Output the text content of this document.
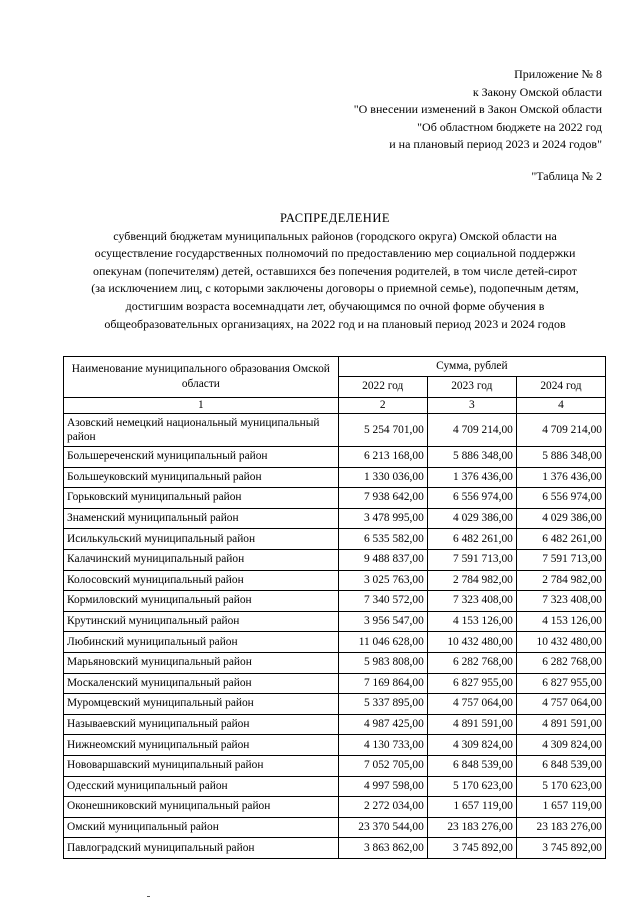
Приложение № 8
к Закону Омской области
"О внесении изменений в Закон Омской области
"Об областном бюджете на 2022 год
и на плановый период 2023 и 2024 годов"
"Таблица № 2
РАСПРЕДЕЛЕНИЕ
субвенций бюджетам муниципальных районов (городского округа) Омской области на
осуществление государственных полномочий по предоставлению мер социальной поддержки
опекунам (попечителям) детей, оставшихся без попечения родителей, в том числе детей-сирот
(за исключением лиц, с которыми заключены договоры о приемной семье), подопечным детям,
достигшим возраста восемнадцати лет, обучающимся по очной форме обучения в
общеобразовательных организациях, на 2022 год и на плановый период 2023 и 2024 годов
Наименование муниципального образования Омской области	Сумма, рублей		
	2022 год	2023 год	2024 год
1	2	3	4
Азовский немецкий национальный муниципальный район	5 254 701,00	4 709 214,00	4 709 214,00
Большереченский муниципальный район	6 213 168,00	5 886 348,00	5 886 348,00
Большеуковский муниципальный район	1 330 036,00	1 376 436,00	1 376 436,00
Горьковский муниципальный район	7 938 642,00	6 556 974,00	6 556 974,00
Знаменский муниципальный район	3 478 995,00	4 029 386,00	4 029 386,00
Исилькульский муниципальный район	6 535 582,00	6 482 261,00	6 482 261,00
Калачинский муниципальный район	9 488 837,00	7 591 713,00	7 591 713,00
Колосовский муниципальный район	3 025 763,00	2 784 982,00	2 784 982,00
Кормиловский муниципальный район	7 340 572,00	7 323 408,00	7 323 408,00
Крутинский муниципальный район	3 956 547,00	4 153 126,00	4 153 126,00
Любинский муниципальный район	11 046 628,00	10 432 480,00	10 432 480,00
Марьяновский муниципальный район	5 983 808,00	6 282 768,00	6 282 768,00
Москаленский муниципальный район	7 169 864,00	6 827 955,00	6 827 955,00
Муромцевский муниципальный район	5 337 895,00	4 757 064,00	4 757 064,00
Называевский муниципальный район	4 987 425,00	4 891 591,00	4 891 591,00
Нижнеомский муниципальный район	4 130 733,00	4 309 824,00	4 309 824,00
Нововаршавский муниципальный район	7 052 705,00	6 848 539,00	6 848 539,00
Одесский муниципальный район	4 997 598,00	5 170 623,00	5 170 623,00
Оконешниковский муниципальный район	2 272 034,00	1 657 119,00	1 657 119,00
Омский муниципальный район	23 370 544,00	23 183 276,00	23 183 276,00
Павлоградский муниципальный район	3 863 862,00	3 745 892,00	3 745 892,00
